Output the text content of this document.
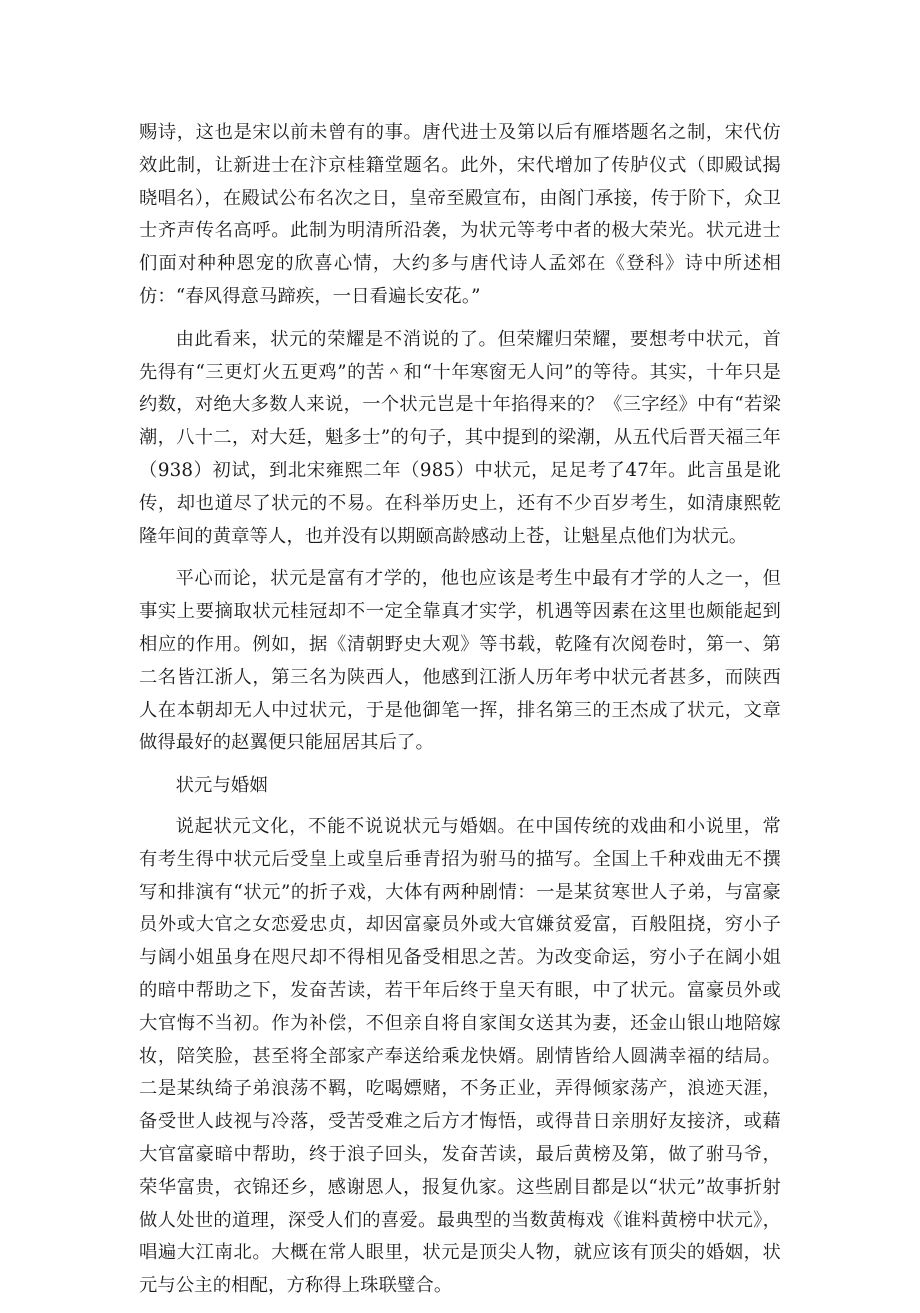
赐诗，这也是宋以前未曾有的事。唐代进士及第以后有雁塔题名之制，宋代仿效此制，让新进士在汴京桂籍堂题名。此外，宋代增加了传胪仪式（即殿试揭晓唱名），在殿试公布名次之日，皇帝至殿宣布，由阁门承接，传于阶下，众卫士齐声传名高呼。此制为明清所沿袭，为状元等考中者的极大荣光。状元进士们面对种种恩宠的欣喜心情，大约多与唐代诗人孟郊在《登科》诗中所述相仿：“春风得意马蹄疾，一日看遍长安花。”

由此看来，状元的荣耀是不消说的了。但荣耀归荣耀，要想考中状元，首先得有“三更灯火五更鸡”的苦＾和“十年寒窗无人问”的等待。其实，十年只是约数，对绝大多数人来说，一个状元岂是十年掐得来的？《三字经》中有“若梁潮，八十二，对大廷，魁多士”的句子，其中提到的梁潮，从五代后晋天福三年（938）初试，到北宋雍熙二年（985）中状元，足足考了47年。此言虽是讹传，却也道尽了状元的不易。在科举历史上，还有不少百岁考生，如清康熙乾隆年间的黄章等人，也并没有以期颐高龄感动上苍，让魁星点他们为状元。

平心而论，状元是富有才学的，他也应该是考生中最有才学的人之一，但事实上要摘取状元桂冠却不一定全靠真才实学，机遇等因素在这里也颇能起到相应的作用。例如，据《清朝野史大观》等书载，乾隆有次阅卷时，第一、第二名皆江浙人，第三名为陕西人，他感到江浙人历年考中状元者甚多，而陕西人在本朝却无人中过状元，于是他御笔一挥，排名第三的王杰成了状元，文章做得最好的赵翼便只能屈居其后了。

状元与婚姻

说起状元文化，不能不说说状元与婚姻。在中国传统的戏曲和小说里，常有考生得中状元后受皇上或皇后垂青招为驸马的描写。全国上千种戏曲无不撰写和排演有“状元”的折子戏，大体有两种剧情：一是某贫寒世人子弟，与富豪员外或大官之女恋爱忠贞，却因富豪员外或大官嫌贫爱富，百般阻挠，穷小子与阔小姐虽身在咫尺却不得相见备受相思之苦。为改变命运，穷小子在阔小姐的暗中帮助之下，发奋苦读，若干年后终于皇天有眼，中了状元。富豪员外或大官悔不当初。作为补偿，不但亲自将自家闺女送其为妻，还金山银山地陪嫁妆，陪笑脸，甚至将全部家产奉送给乘龙快婿。剧情皆给人圆满幸福的结局。二是某纨绮子弟浪荡不羁，吃喝嫖赌，不务正业，弄得倾家荡产，浪迹天涯，备受世人歧视与冷落，受苦受难之后方才悔悟，或得昔日亲朋好友接济，或藉大官富豪暗中帮助，终于浪子回头，发奋苦读，最后黄榜及第，做了驸马爷，荣华富贵，衣锦还乡，感谢恩人，报复仇家。这些剧目都是以“状元”故事折射做人处世的道理，深受人们的喜爱。最典型的当数黄梅戏《谁料黄榜中状元》，唱遍大江南北。大概在常人眼里，状元是顶尖人物，就应该有顶尖的婚姻，状元与公主的相配，方称得上珠联璧合。
